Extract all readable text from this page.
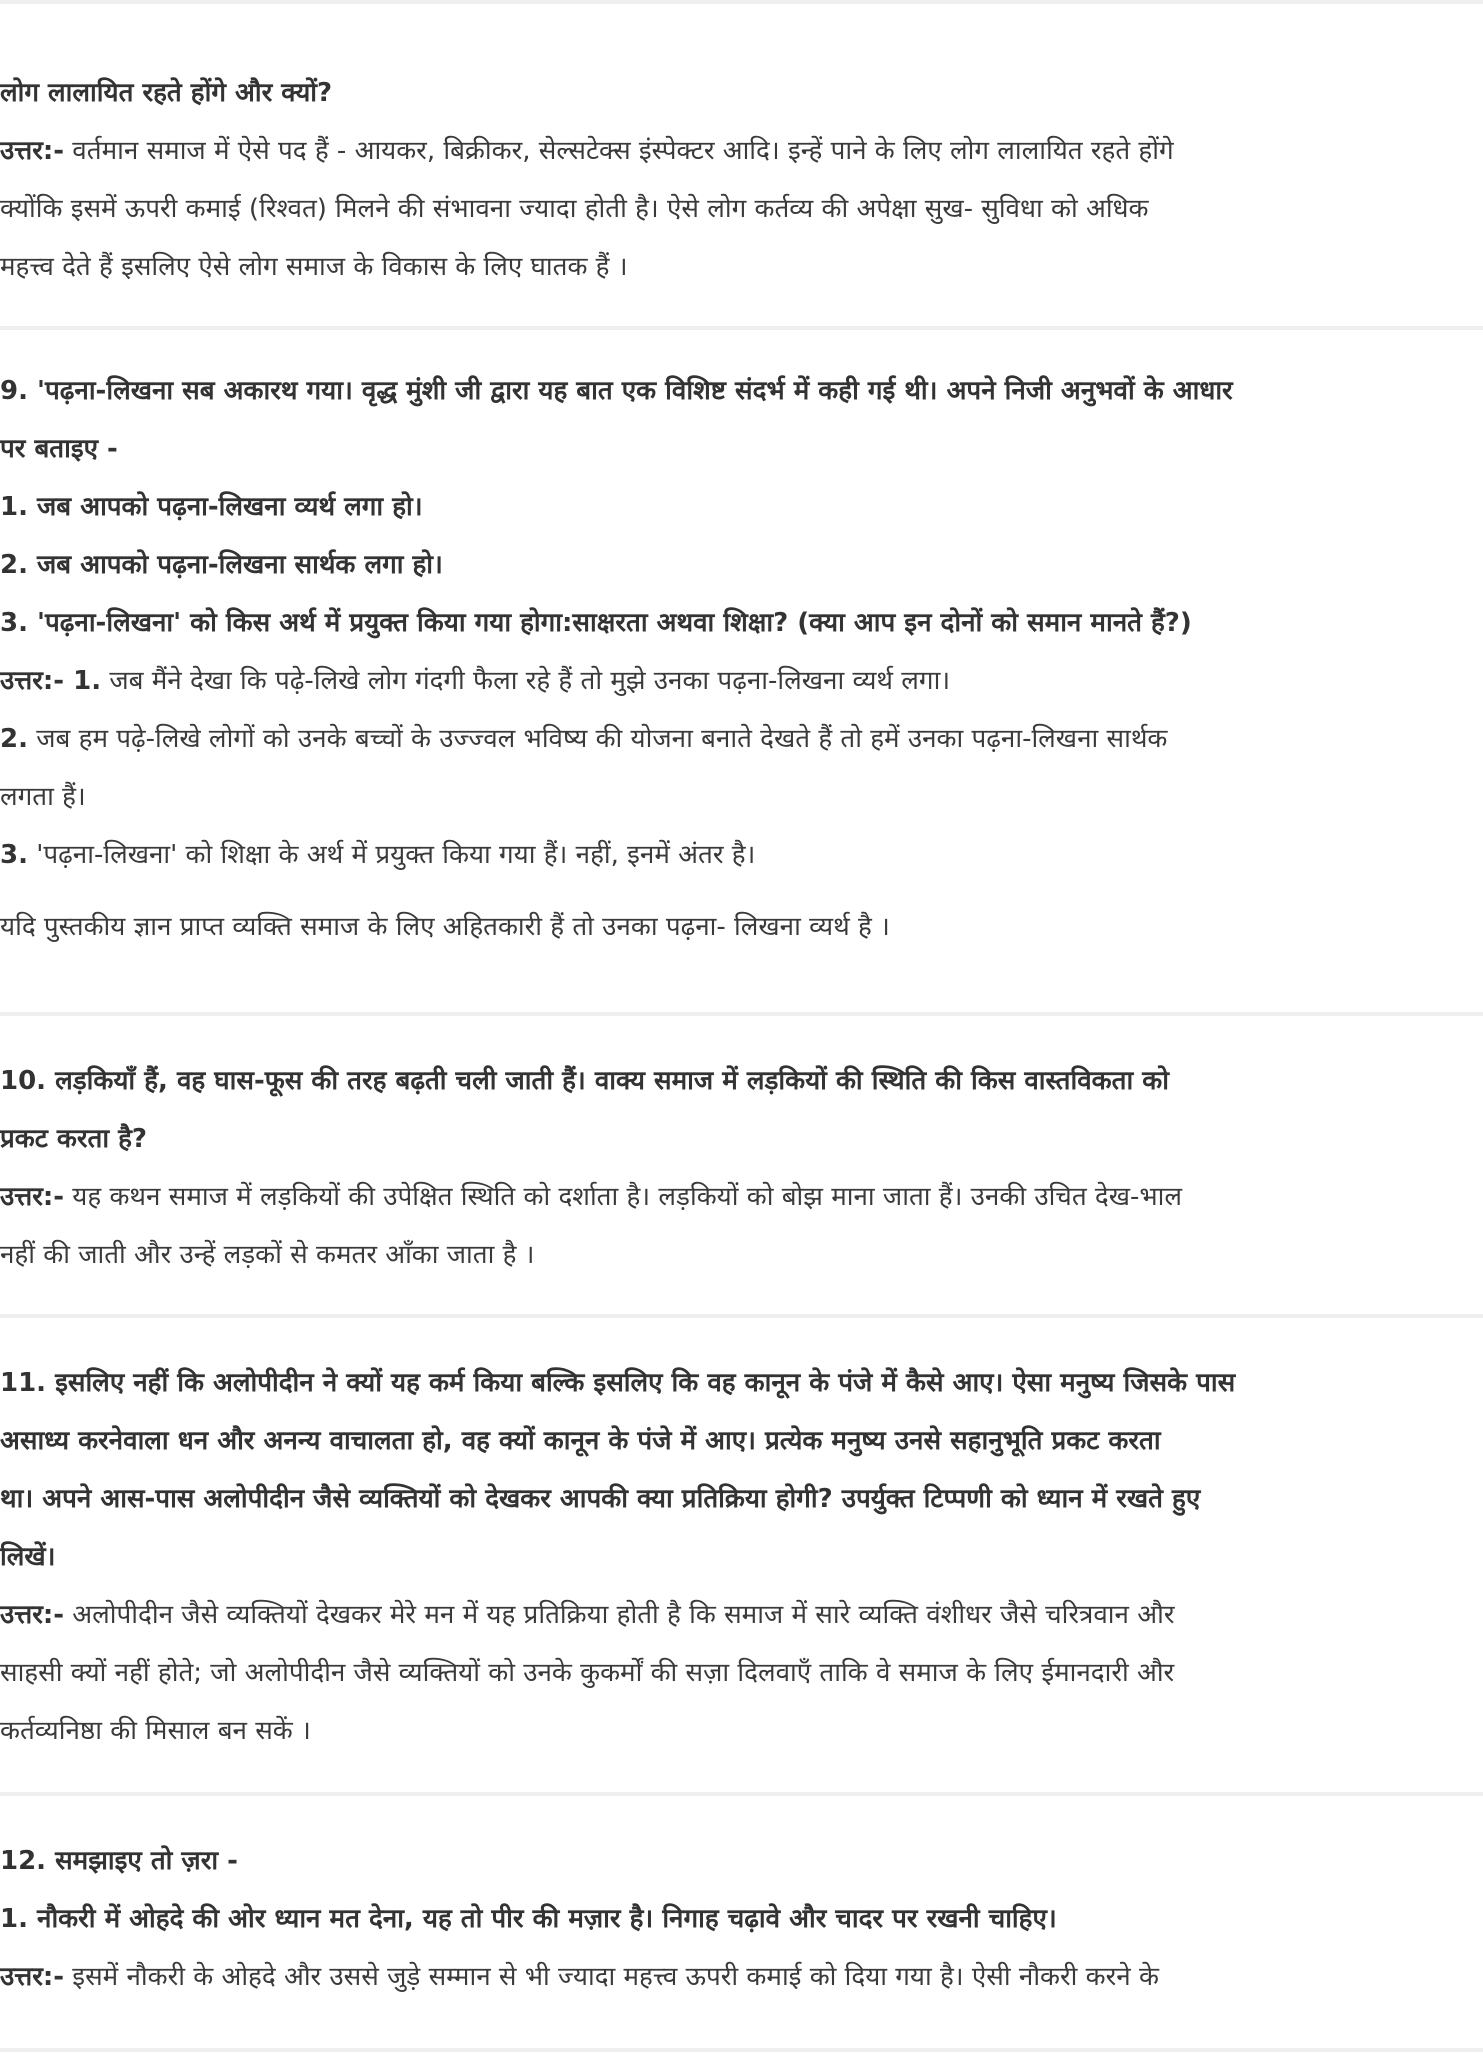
लोग लालायित रहते होंगे और क्यों?
उत्तर:- वर्तमान समाज में ऐसे पद हैं - आयकर, बिक्रीकर, सेल्सटेक्स इंस्पेक्टर आदि। इन्हें पाने के लिए लोग लालायित रहते होंगे
क्योंकि इसमें ऊपरी कमाई (रिश्वत) मिलने की संभावना ज्यादा होती है। ऐसे लोग कर्तव्य की अपेक्षा सुख- सुविधा को अधिक
महत्त्व देते हैं इसलिए ऐसे लोग समाज के विकास के लिए घातक हैं ।
9. 'पढ़ना-लिखना सब अकारथ गया। वृद्ध मुंशी जी द्वारा यह बात एक विशिष्ट संदर्भ में कही गई थी। अपने निजी अनुभवों के आधार
पर बताइए -
1. जब आपको पढ़ना-लिखना व्यर्थ लगा हो।
2. जब आपको पढ़ना-लिखना सार्थक लगा हो।
3. 'पढ़ना-लिखना' को किस अर्थ में प्रयुक्त किया गया होगा:साक्षरता अथवा शिक्षा? (क्या आप इन दोनों को समान मानते हैं?)
उत्तर:- 1. जब मैंने देखा कि पढ़े-लिखे लोग गंदगी फैला रहे हैं तो मुझे उनका पढ़ना-लिखना व्यर्थ लगा।
2. जब हम पढ़े-लिखे लोगों को उनके बच्चों के उज्ज्वल भविष्य की योजना बनाते देखते हैं तो हमें उनका पढ़ना-लिखना सार्थक
लगता हैं।
3. 'पढ़ना-लिखना' को शिक्षा के अर्थ में प्रयुक्त किया गया हैं। नहीं, इनमें अंतर है।
यदि पुस्तकीय ज्ञान प्राप्त व्यक्ति समाज के लिए अहितकारी हैं तो उनका पढ़ना- लिखना व्यर्थ है ।
10. लड़कियाँ हैं, वह घास-फूस की तरह बढ़ती चली जाती हैं। वाक्य समाज में लड़कियों की स्थिति की किस वास्तविकता को
प्रकट करता है?
उत्तर:- यह कथन समाज में लड़कियों की उपेक्षित स्थिति को दर्शाता है। लड़कियों को बोझ माना जाता हैं। उनकी उचित देख-भाल
नहीं की जाती और उन्हें लड़कों से कमतर आँका जाता है ।
11. इसलिए नहीं कि अलोपीदीन ने क्यों यह कर्म किया बल्कि इसलिए कि वह कानून के पंजे में कैसे आए। ऐसा मनुष्य जिसके पास
असाध्य करनेवाला धन और अनन्य वाचालता हो, वह क्यों कानून के पंजे में आए। प्रत्येक मनुष्य उनसे सहानुभूति प्रकट करता
था। अपने आस-पास अलोपीदीन जैसे व्यक्तियों को देखकर आपकी क्या प्रतिक्रिया होगी? उपर्युक्त टिप्पणी को ध्यान में रखते हुए
लिखें।
उत्तर:- अलोपीदीन जैसे व्यक्तियों देखकर मेरे मन में यह प्रतिक्रिया होती है कि समाज में सारे व्यक्ति वंशीधर जैसे चरित्रवान और
साहसी क्यों नहीं होते; जो अलोपीदीन जैसे व्यक्तियों को उनके कुकर्मों की सज़ा दिलवाएँ ताकि वे समाज के लिए ईमानदारी और
कर्तव्यनिष्ठा की मिसाल बन सकें ।
12. समझाइए तो ज़रा -
1. नौकरी में ओहदे की ओर ध्यान मत देना, यह तो पीर की मज़ार है। निगाह चढ़ावे और चादर पर रखनी चाहिए।
उत्तर:- इसमें नौकरी के ओहदे और उससे जुड़े सम्मान से भी ज्यादा महत्त्व ऊपरी कमाई को दिया गया है। ऐसी नौकरी करने के
